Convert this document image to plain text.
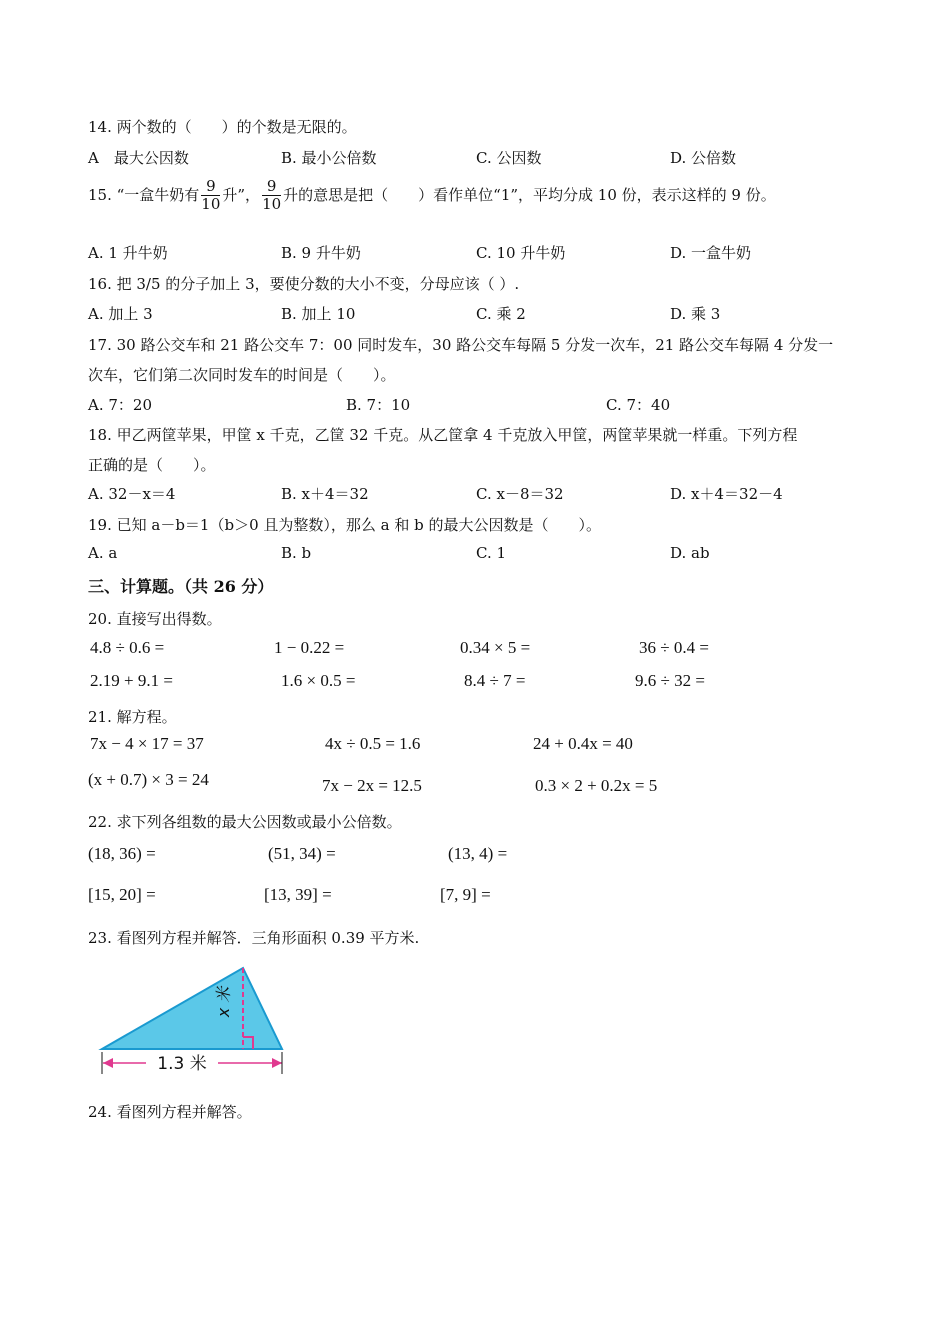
14. 两个数的（　　）的个数是无限的。
A　最大公因数	B. 最小公倍数	C. 公因数	D. 公倍数
15. “一盒牛奶有 $\frac{9}{10}$ 升”， $\frac{9}{10}$ 升的意思是把（　　）看作单位“1”，平均分成 10 份，表示这样的 9 份。
A. 1 升牛奶	B. 9 升牛奶	C. 10 升牛奶	D. 一盒牛奶
16. 把 3/5 的分子加上 3，要使分数的大小不变，分母应该（ ）.
A. 加上 3	B. 加上 10	C. 乘 2	D. 乘 3
17. 30 路公交车和 21 路公交车 7：00 同时发车，30 路公交车每隔 5 分发一次车，21 路公交车每隔 4 分发一
次车，它们第二次同时发车的时间是（　　）。
A. 7：20	B. 7：10	C. 7：40
18. 甲乙两筐苹果，甲筐 x 千克，乙筐 32 千克。从乙筐拿 4 千克放入甲筐，两筐苹果就一样重。下列方程
正确的是（　　）。
A. 32－x＝4	B. x＋4＝32	C. x－8＝32	D. x＋4＝32－4
19. 已知 a－b＝1（b＞0 且为整数），那么 a 和 b 的最大公因数是（　　）。
A. a	B. b	C. 1	D. ab
三、计算题。（共 26 分）
20. 直接写出得数。
4.8 ÷ 0.6 =	1 − 0.22 =	0.34 × 5 =	36 ÷ 0.4 =
2.19 + 9.1 =	1.6 × 0.5 =	8.4 ÷ 7 =	9.6 ÷ 32 =
21. 解方程。
7x − 4 × 17 = 37	4x ÷ 0.5 = 1.6	24 + 0.4x = 40
(x + 0.7) × 3 = 24	7x − 2x = 12.5	0.3 × 2 + 0.2x = 5
22. 求下列各组数的最大公因数或最小公倍数。
(18, 36) =	(51, 34) =	(13, 4) =
[15, 20] =	[13, 39] =	[7, 9] =
23. 看图列方程并解答．三角形面积 0.39 平方米.
x 米
1.3 米
24. 看图列方程并解答。
